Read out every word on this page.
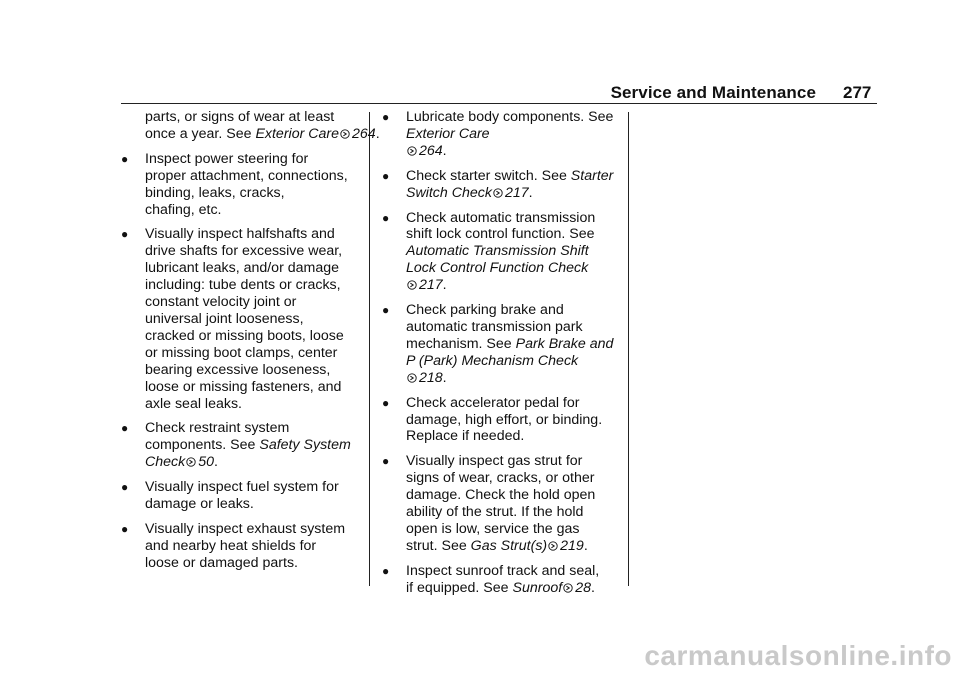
Service and Maintenance 277
parts, or signs of wear at least
once a year. See Exterior Care 264.
● Inspect power steering for
proper attachment, connections,
binding, leaks, cracks,
chafing, etc.
● Visually inspect halfshafts and
drive shafts for excessive wear,
lubricant leaks, and/or damage
including: tube dents or cracks,
constant velocity joint or
universal joint looseness,
cracked or missing boots, loose
or missing boot clamps, center
bearing excessive looseness,
loose or missing fasteners, and
axle seal leaks.
● Check restraint system
components. See Safety System
Check 50.
● Visually inspect fuel system for
damage or leaks.
● Visually inspect exhaust system
and nearby heat shields for
loose or damaged parts.
● Lubricate body components. See
Exterior Care
264.
● Check starter switch. See Starter
Switch Check 217.
● Check automatic transmission
shift lock control function. See
Automatic Transmission Shift
Lock Control Function Check
217.
● Check parking brake and
automatic transmission park
mechanism. See Park Brake and
P (Park) Mechanism Check
218.
● Check accelerator pedal for
damage, high effort, or binding.
Replace if needed.
● Visually inspect gas strut for
signs of wear, cracks, or other
damage. Check the hold open
ability of the strut. If the hold
open is low, service the gas
strut. See Gas Strut(s) 219.
● Inspect sunroof track and seal,
if equipped. See Sunroof 28.
carmanualsonline.info
